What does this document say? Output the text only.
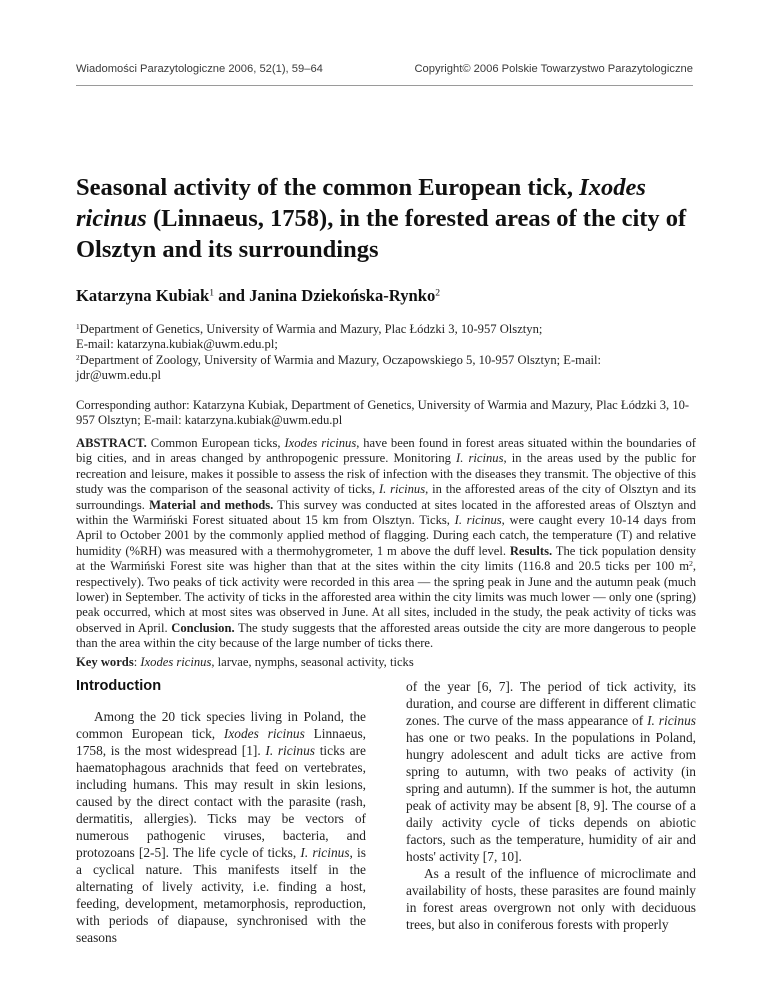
Wiadomości Parazytologiczne 2006, 52(1), 59–64	Copyright© 2006 Polskie Towarzystwo Parazytologiczne
Seasonal activity of the common European tick, Ixodes ricinus (Linnaeus, 1758), in the forested areas of the city of Olsztyn and its surroundings
Katarzyna Kubiak$^1$ and Janina Dziekońska-Rynko$^2$
$^1$Department of Genetics, University of Warmia and Mazury, Plac Łódzki 3, 10-957 Olsztyn;
E-mail: katarzyna.kubiak@uwm.edu.pl;
$^2$Department of Zoology, University of Warmia and Mazury, Oczapowskiego 5, 10-957 Olsztyn; E-mail:
jdr@uwm.edu.pl
Corresponding author: Katarzyna Kubiak, Department of Genetics, University of Warmia and Mazury, Plac Łódzki 3, 10-957 Olsztyn; E-mail: katarzyna.kubiak@uwm.edu.pl
ABSTRACT. Common European ticks, Ixodes ricinus, have been found in forest areas situated within the boundaries of big cities, and in areas changed by anthropogenic pressure. Monitoring I. ricinus, in the areas used by the public for recreation and leisure, makes it possible to assess the risk of infection with the diseases they transmit. The objective of this study was the comparison of the seasonal activity of ticks, I. ricinus, in the afforested areas of the city of Olsztyn and its surroundings. Material and methods. This survey was conducted at sites located in the afforested areas of Olsztyn and within the Warmiński Forest situated about 15 km from Olsztyn. Ticks, I. ricinus, were caught every 10-14 days from April to October 2001 by the commonly applied method of flagging. During each catch, the temperature (T) and relative humidity (%RH) was measured with a thermohygrometer, 1 m above the duff level. Results. The tick population density at the Warmiński Forest site was higher than that at the sites within the city limits (116.8 and 20.5 ticks per 100 $m^2$, respectively). Two peaks of tick activity were recorded in this area — the spring peak in June and the autumn peak (much lower) in September. The activity of ticks in the afforested area within the city limits was much lower — only one (spring) peak occurred, which at most sites was observed in June. At all sites, included in the study, the peak activity of ticks was observed in April. Conclusion. The study suggests that the afforested areas outside the city are more dangerous to people than the area within the city because of the large number of ticks there.
Key words: Ixodes ricinus, larvae, nymphs, seasonal activity, ticks
Introduction

Among the 20 tick species living in Poland, the common European tick, Ixodes ricinus Linnaeus, 1758, is the most widespread [1]. I. ricinus ticks are haematophagous arachnids that feed on vertebrates, including humans. This may result in skin lesions, caused by the direct contact with the parasite (rash, dermatitis, allergies). Ticks may be vectors of numerous pathogenic viruses, bacteria, and protozoans [2-5]. The life cycle of ticks, I. ricinus, is a cyclical nature. This manifests itself in the alternating of lively activity, i.e. finding a host, feeding, development, metamorphosis, reproduction, with periods of diapause, synchronised with the seasons

of the year [6, 7]. The period of tick activity, its duration, and course are different in different climatic zones. The curve of the mass appearance of I. ricinus has one or two peaks. In the populations in Poland, hungry adolescent and adult ticks are active from spring to autumn, with two peaks of activity (in spring and autumn). If the summer is hot, the autumn peak of activity may be absent [8, 9]. The course of a daily activity cycle of ticks depends on abiotic factors, such as the temperature, humidity of air and hosts' activity [7, 10].

As a result of the influence of microclimate and availability of hosts, these parasites are found mainly in forest areas overgrown not only with deciduous trees, but also in coniferous forests with properly
